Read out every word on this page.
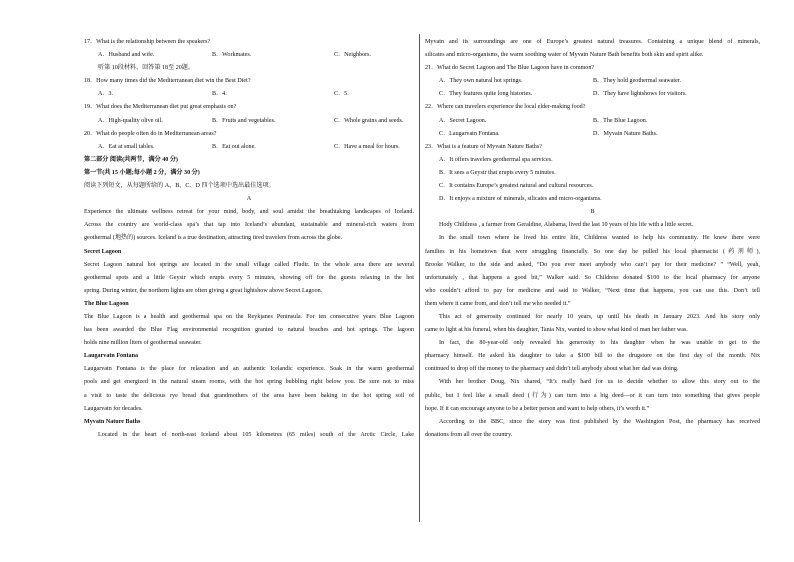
17．What is the relationship between the speakers?
A．Husband and wife.	B．Workmates.	C．Neighbors.
听第 10段材料，回答第 18至 20题。
18．How many times did the Mediterranean diet win the Best Diet?
A．3.	B．4.	C．5.
19．What does the Mediterranean diet put great emphasis on?
A．High-quality olive oil.	B．Fruits and vegetables.	C．Whole grains and seeds.
20．What do people often do in Mediterranean areas?
A．Eat at small tables.	B．Eat out alone.	C．Have a meal for hours.
第二部分 阅读(共两节，满分 40 分)
第一节(共 15 小题;每小题 2 分，满分 30 分)
阅读下列短文，从每题所给的 A、B、C、D 四个选项中选出最佳选项。
A
Experience the ultimate wellness retreat for your mind, body, and soul amidst the breathtaking landscapes of Iceland.
Across the country are world-class spa’s that tap into Iceland’s abundant, sustainable and mineral-rich waters from
geothermal (地热的) sources. Iceland is a true destination, attracting tired travelers from across the globe.
Secret Lagoon
Secret Lagoon natural hot springs are located in the small village called Fludir. In the whole area there are several
geothermal spots and a little Geysir which erupts every 5 minutes, showing off for the guests relaxing in the hot
spring. During winter, the northern lights are often giving a great lightshow above Secret Lagoon.
The Blue Lagoon
The Blue Lagoon is a health and geothermal spa on the Reykjanes Peninsula. For ten consecutive years Blue Lagoon
has been awarded the Blue Flag environmental recognition granted to natural beaches and hot springs. The lagoon
holds nine million liters of geothermal seawater.
Laugarvatn Fontana
Laugarvatn Fontana is the place for relaxation and an authentic Icelandic experience. Soak in the warm geothermal
pools and get energized in the natural steam rooms, with the hot spring bubbling right below you. Be sure not to miss
a visit to taste the delicious rye bread that grandmothers of the area have been baking in the hot spring soil of
Laugarvatn for decades.
Myvatn Nature Baths
Located in the heart of north-east Iceland about 105 kilometres (65 miles) south of the Arctic Circle, Lake
Myvatn and its surroundings are one of Europe’s greatest natural treasures. Containing a unique blend of minerals,
silicates and micro-organisms, the warm soothing water of Myvatn Nature Bath benefits both skin and spirit alike.
21．What do Secret Lagoon and The Blue Lagoon have in common?
A．They own natural hot springs.	B．They hold geothermal seawater.
C．They features quite long histories.	D．They have lightshows for visitors.
22．Where can travelers experience the local elder-making food?
A．Secret Lagoon.	B．The Blue Lagoon.
C．Laugarvatn Fontana.	D．Myvatn Nature Baths.
23．What is a feature of Myvatn Nature Baths?
A．It offers travelers geothermal spa services.
B．It sees a Geysir that erupts every 5 minutes.
C．It contains Europe’s greatest natural and cultural resources.
D．It enjoys a mixture of minerals, silicates and micro-organisms.
B
Hody Childress , a farmer from Geraldine, Alabama, lived the last 10 years of his life with a little secret.
In the small town where he lived his entire life, Childress wanted to help his community. He knew there were
families in his hometown that were struggling financially. So one day he pulled his local pharmacist (药剂师),
Brooke Walker, to the side and asked, “Do you ever meet anybody who can’t pay for their medicine? ” “Well, yeah,
unfortunately , that happens a good bit,” Walker said. So Childress donated $100 to the local pharmacy for anyone
who couldn’t afford to pay for medicine and said to Walker, “Next time that happens, you can use this. Don’t tell
them where it came from, and don’t tell me who needed it.”
This act of generosity continued for nearly 10 years, up until his death in January 2023. And his story only
came to light at his funeral, when his daughter, Tania Nix, wanted to show what kind of man her father was.
In fact, the 80-year-old only revealed his generosity to his daughter when he was unable to get to the
pharmacy himself. He asked his daughter to take a $100 bill to the drugstore on the first day of the month. Nix
continued to drop off the money to the pharmacy and didn’t tell anybody about what her dad was doing.
With her brother Doug, Nix shared, “It’s really hard for us to decide whether to allow this story out to the
public, but I feel like a small deed (行为) can turn into a big deed—or it can turn into something that gives people
hope. If it can encourage anyone to be a better person and want to help others, it’s worth it.”
According to the BBC, since the story was first published by the Washington Post, the pharmacy has received
donations from all over the country.
